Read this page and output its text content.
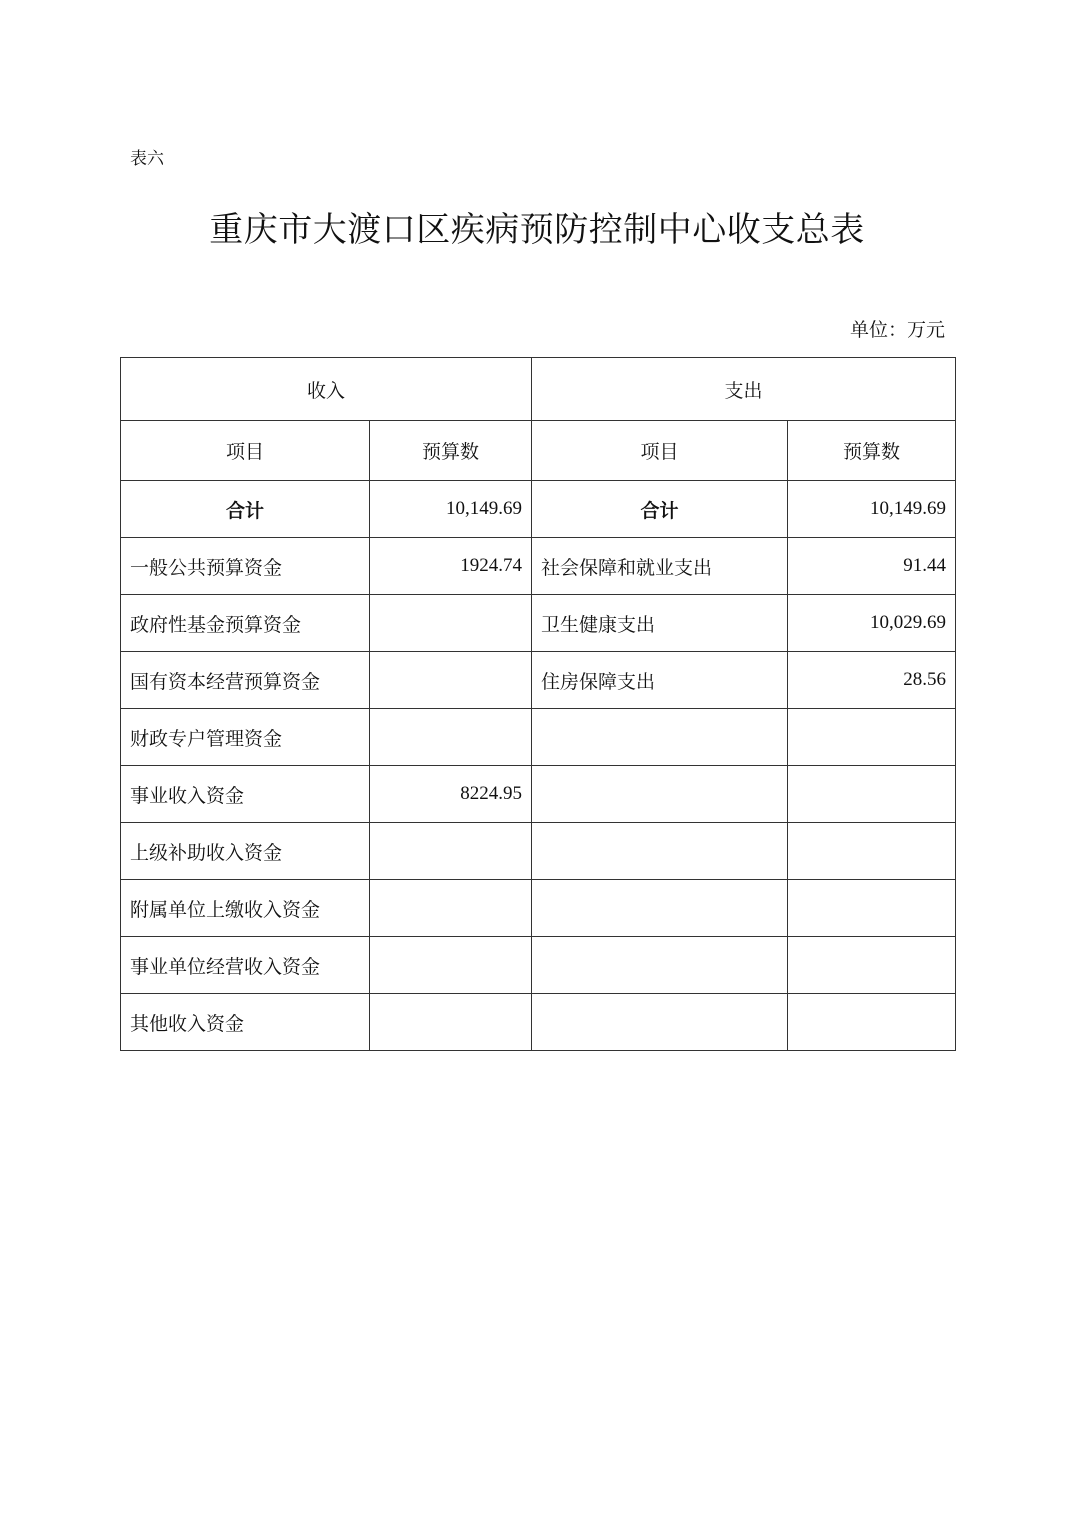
表六
重庆市大渡口区疾病预防控制中心收支总表
单位：万元
收入		支出	
项目	预算数	项目	预算数
合计	10,149.69	合计	10,149.69
一般公共预算资金	1924.74	社会保障和就业支出	91.44
政府性基金预算资金		卫生健康支出	10,029.69
国有资本经营预算资金		住房保障支出	28.56
财政专户管理资金			
事业收入资金	8224.95		
上级补助收入资金			
附属单位上缴收入资金			
事业单位经营收入资金			
其他收入资金			
